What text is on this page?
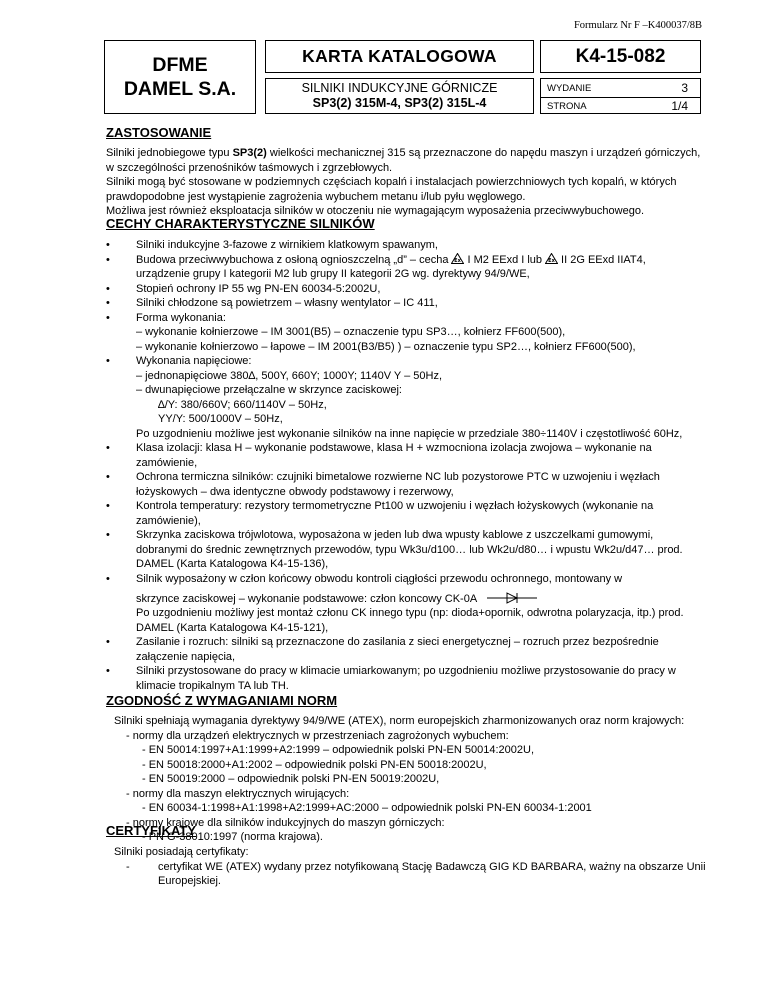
Formularz Nr F –K400037/8B
DFME
DAMEL S.A.
KARTA KATALOGOWA
SILNIKI INDUKCYJNE GÓRNICZE
SP3(2) 315M-4, SP3(2) 315L-4
K4-15-082
WYDANIE	3
STRONA	1/4
ZASTOSOWANIE

Silniki jednobiegowe typu SP3(2) wielkości mechanicznej 315 są przeznaczone do napędu maszyn i urządzeń górniczych, w szczególności przenośników taśmowych i zgrzebłowych.

Silniki mogą być stosowane w podziemnych częściach kopalń i instalacjach powierzchniowych tych kopalń, w których prawdopodobne jest wystąpienie zagrożenia wybuchem metanu i/lub pyłu węglowego.

Możliwa jest również eksploatacja silników w otoczeniu nie wymagającym wyposażenia przeciwwybuchowego.

CECHY CHARAKTERYSTYCZNE SILNIKÓW
• Silniki indukcyjne 3-fazowe z wirnikiem klatkowym spawanym,
• Budowa przeciwwybuchowa z osłoną ognioszczelną „d” – cecha Ex I M2 EExd I lub Ex II 2G EExd IIAT4,
urządzenie grupy I kategorii M2 lub grupy II kategorii 2G wg. dyrektywy 94/9/WE,
• Stopień ochrony IP 55 wg PN-EN 60034-5:2002U,
• Silniki chłodzone są powietrzem – własny wentylator – IC 411,
• Forma wykonania:
– wykonanie kołnierzowe – IM 3001(B5) – oznaczenie typu SP3…, kołnierz FF600(500),
– wykonanie kołnierzowo – łapowe – IM 2001(B3/B5) ) – oznaczenie typu SP2…, kołnierz FF600(500),
• Wykonania napięciowe:
– jednonapięciowe 380∆, 500Y, 660Y; 1000Y; 1140V Y – 50Hz,
– dwunapięciowe przełączalne w skrzynce zaciskowej:
∆/Y: 380/660V; 660/1140V – 50Hz,
YY/Y: 500/1000V – 50Hz,
Po uzgodnieniu możliwe jest wykonanie silników na inne napięcie w przedziale 380÷1140V i częstotliwość 60Hz,
• Klasa izolacji: klasa H – wykonanie podstawowe, klasa H + wzmocniona izolacja zwojowa – wykonanie na zamówienie,
• Ochrona termiczna silników: czujniki bimetalowe rozwierne NC lub pozystorowe PTC w uzwojeniu i węzłach łożyskowych – dwa identyczne obwody podstawowy i rezerwowy,
• Kontrola temperatury: rezystory termometryczne Pt100 w uzwojeniu i węzłach łożyskowych (wykonanie na zamówienie),
• Skrzynka zaciskowa trójwlotowa, wyposażona w jeden lub dwa wpusty kablowe z uszczelkami gumowymi, dobranymi do średnic zewnętrznych przewodów, typu Wk3u/d100… lub Wk2u/d80… i wpustu Wk2u/d47… prod. DAMEL (Karta Katalogowa K4-15-136),
• Silnik wyposażony w człon końcowy obwodu kontroli ciągłości przewodu ochronnego, montowany w
skrzynce zaciskowej – wykonanie podstawowe: człon koncowy CK-0A
Po uzgodnieniu możliwy jest montaż członu CK innego typu (np: dioda+opornik, odwrotna polaryzacja, itp.) prod. DAMEL (Karta Katalogowa K4-15-121),
• Zasilanie i rozruch: silniki są przeznaczone do zasilania z sieci energetycznej – rozruch przez bezpośrednie załączenie napięcia,
• Silniki przystosowane do pracy w klimacie umiarkowanym; po uzgodnieniu możliwe przystosowanie do pracy w klimacie tropikalnym TA lub TH.
ZGODNOŚĆ Z WYMAGANIAMI NORM

Silniki spełniają wymagania dyrektywy 94/9/WE (ATEX), norm europejskich zharmonizowanych oraz norm krajowych:

- normy dla urządzeń elektrycznych w przestrzeniach zagrożonych wybuchem:

- EN 50014:1997+A1:1999+A2:1999 – odpowiednik polski PN-EN 50014:2002U,

- EN 50018:2000+A1:2002 – odpowiednik polski PN-EN 50018:2002U,

- EN 50019:2000 – odpowiednik polski PN-EN 50019:2002U,

- normy dla maszyn elektrycznych wirujących:

- EN 60034-1:1998+A1:1998+A2:1999+AC:2000 – odpowiednik polski PN-EN 60034-1:2001

- normy krajowe dla silników indukcyjnych do maszyn górniczych:

- PN G-38010:1997 (norma krajowa).

CERTYFIKATY

Silniki posiadają certyfikaty:

-	certyfikat WE (ATEX) wydany przez notyfikowaną Stację Badawczą GIG KD BARBARA, ważny na obszarze Unii Europejskiej.
